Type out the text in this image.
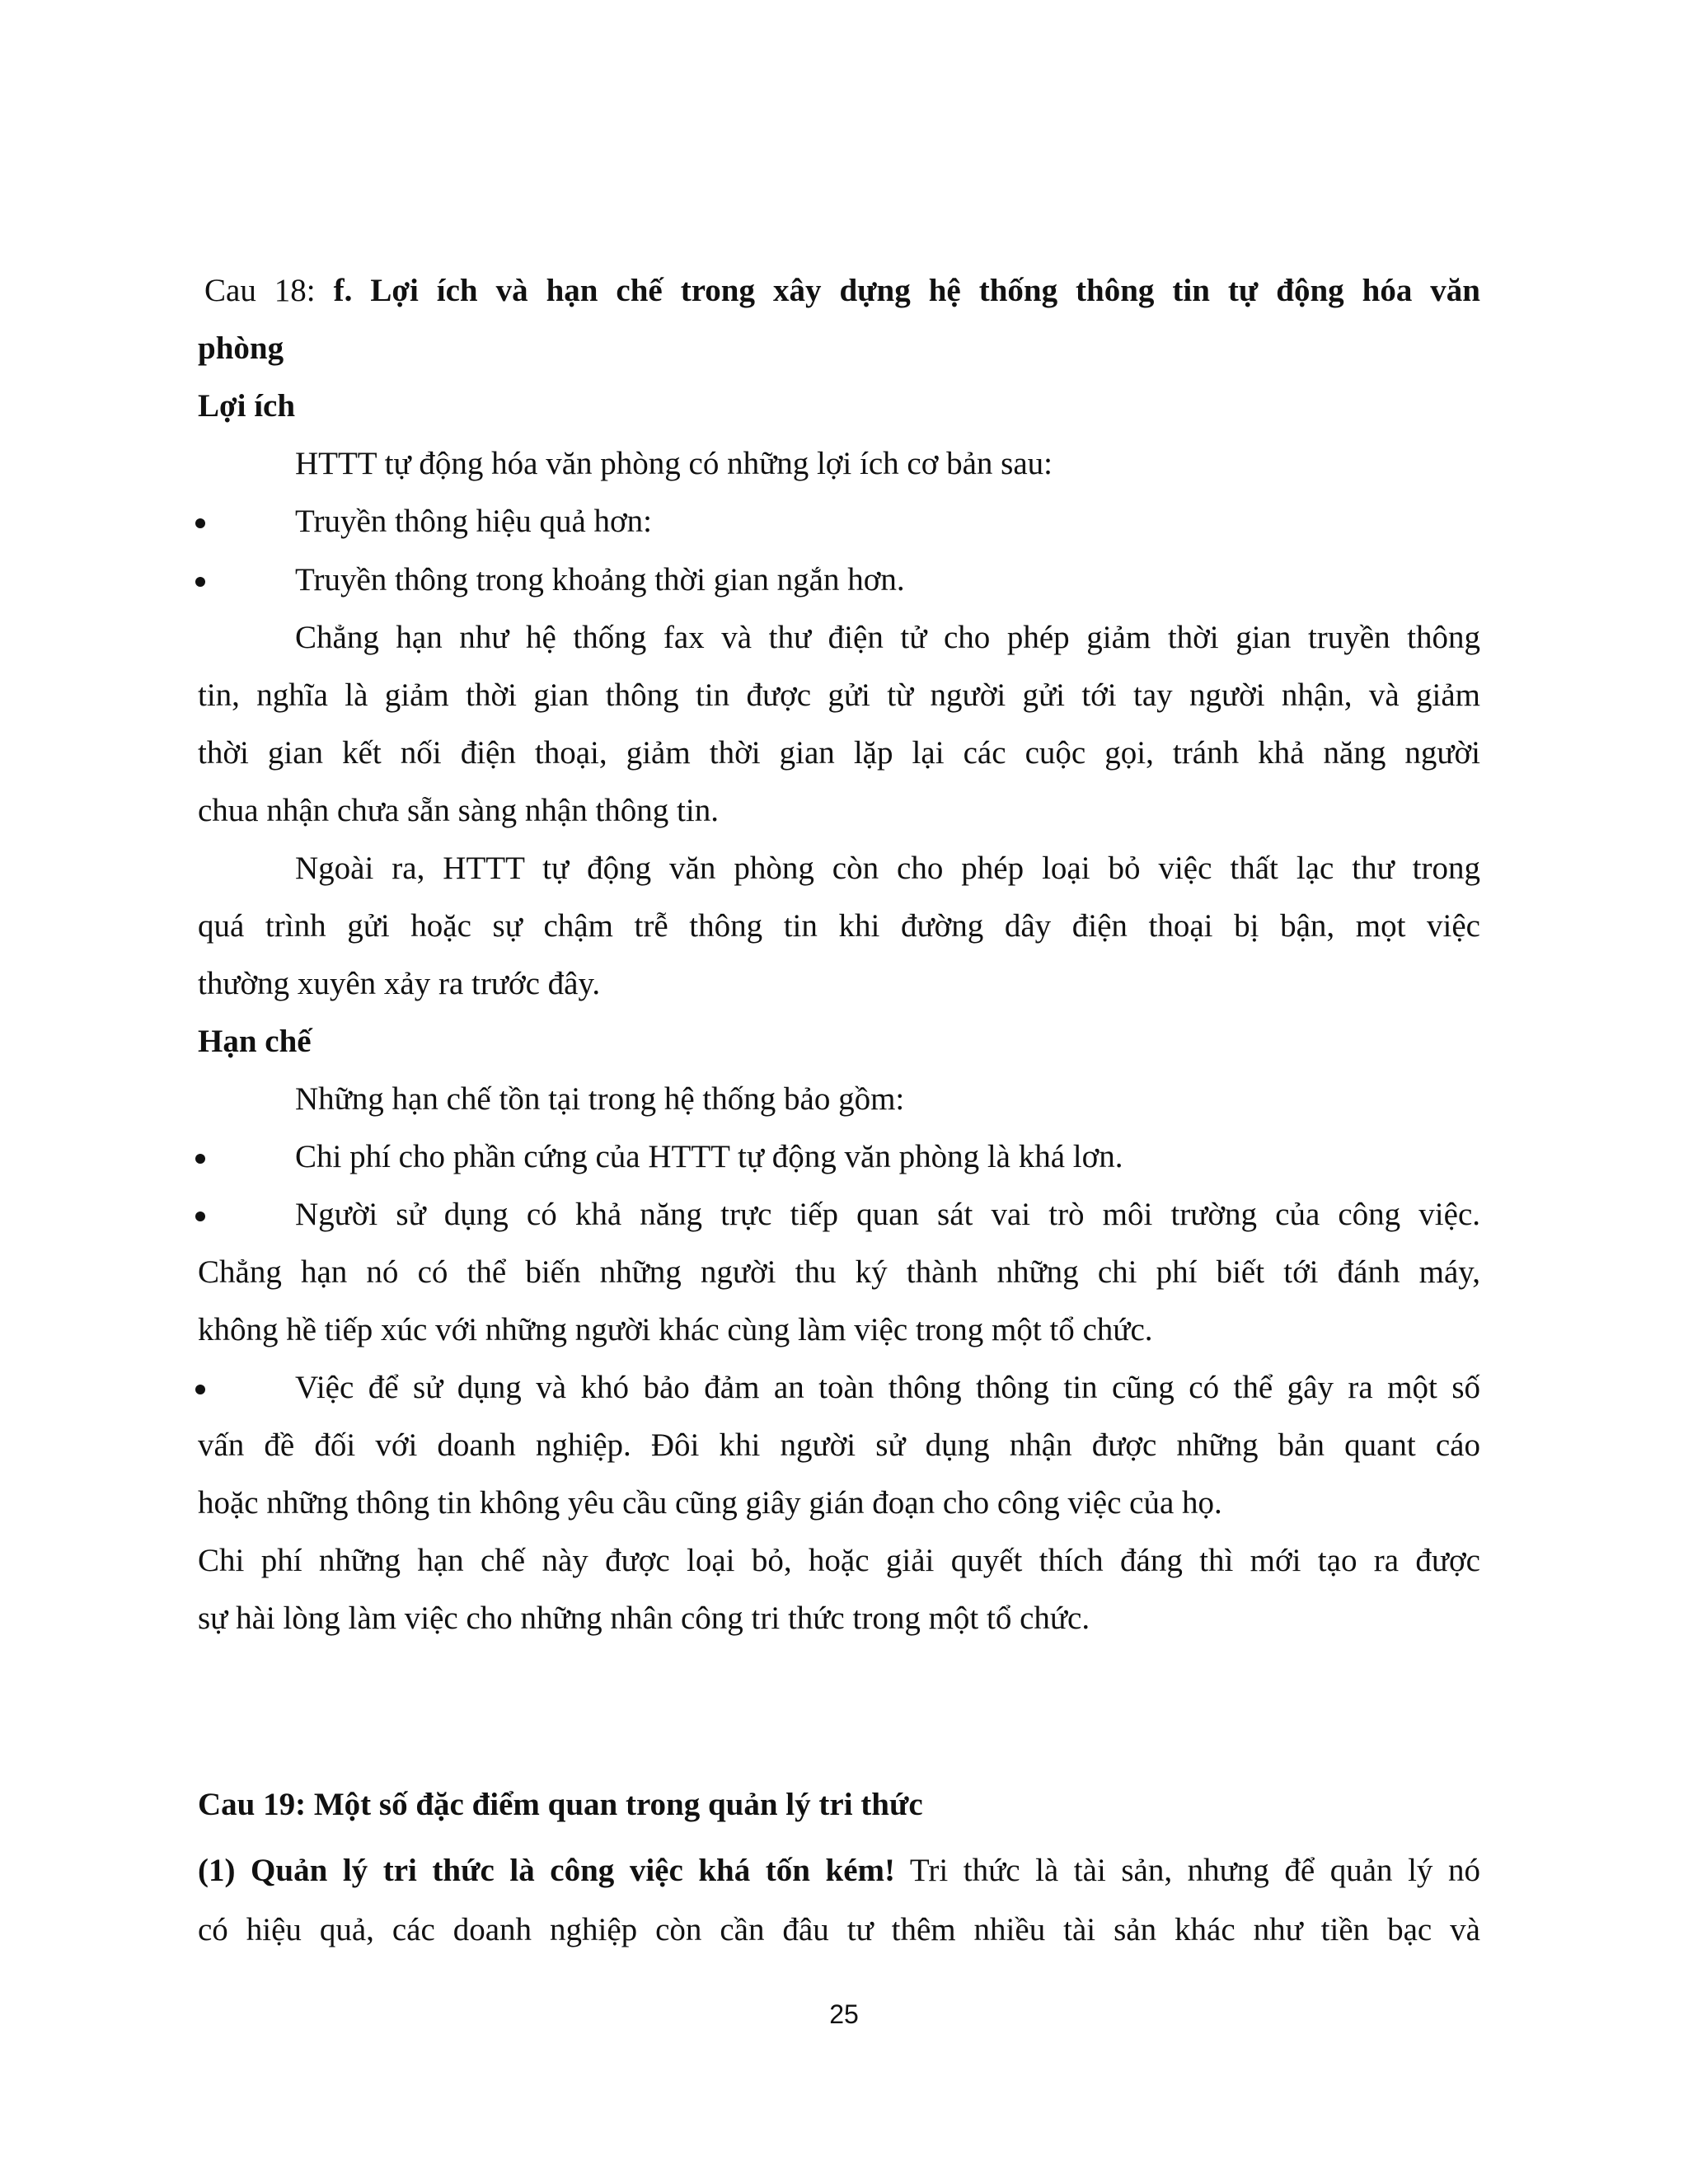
Cau 18: f. Lợi ích và hạn chế trong xây dựng hệ thống thông tin tự động hóa văn
phòng
Lợi ích
HTTT tự động hóa văn phòng có những lợi ích cơ bản sau:
Truyền thông hiệu quả hơn:
Truyền thông trong khoảng thời gian ngắn hơn.
Chẳng hạn như hệ thống fax và thư điện tử cho phép giảm thời gian truyền thông
tin, nghĩa là giảm thời gian thông tin được gửi từ người gửi tới tay người nhận, và giảm
thời gian kết nối điện thoại, giảm thời gian lặp lại các cuộc gọi, tránh khả năng người
chua nhận chưa sẵn sàng nhận thông tin.
Ngoài ra, HTTT tự động văn phòng còn cho phép loại bỏ việc thất lạc thư trong
quá trình gửi hoặc sự chậm trễ thông tin khi đường dây điện thoại bị bận, mọt việc
thường xuyên xảy ra trước đây.
Hạn chế
Những hạn chế tồn tại trong hệ thống bảo gồm:
Chi phí cho phần cứng của HTTT tự động văn phòng là khá lơn.
Người sử dụng có khả năng trực tiếp quan sát vai trò môi trường của công việc.
Chẳng hạn nó có thể biến những người thu ký thành những chi phí biết tới đánh máy,
không hề tiếp xúc với những người khác cùng làm việc trong một tổ chức.
Việc để sử dụng và khó bảo đảm an toàn thông thông tin cũng có thể gây ra một số
vấn đề đối với doanh nghiệp. Đôi khi người sử dụng nhận được những bản quant cáo
hoặc những thông tin không yêu cầu cũng giây gián đoạn cho công việc của họ.
Chi phí những hạn chế này được loại bỏ, hoặc giải quyết thích đáng thì mới tạo ra được
sự hài lòng làm việc cho những nhân công tri thức trong một tổ chức.
Cau 19: Một số đặc điểm quan trong quản lý tri thức
(1) Quản lý tri thức là công việc khá tốn kém! Tri thức là tài sản, nhưng để quản lý nó
có hiệu quả, các doanh nghiệp còn cần đâu tư thêm nhiều tài sản khác như tiền bạc và
25
